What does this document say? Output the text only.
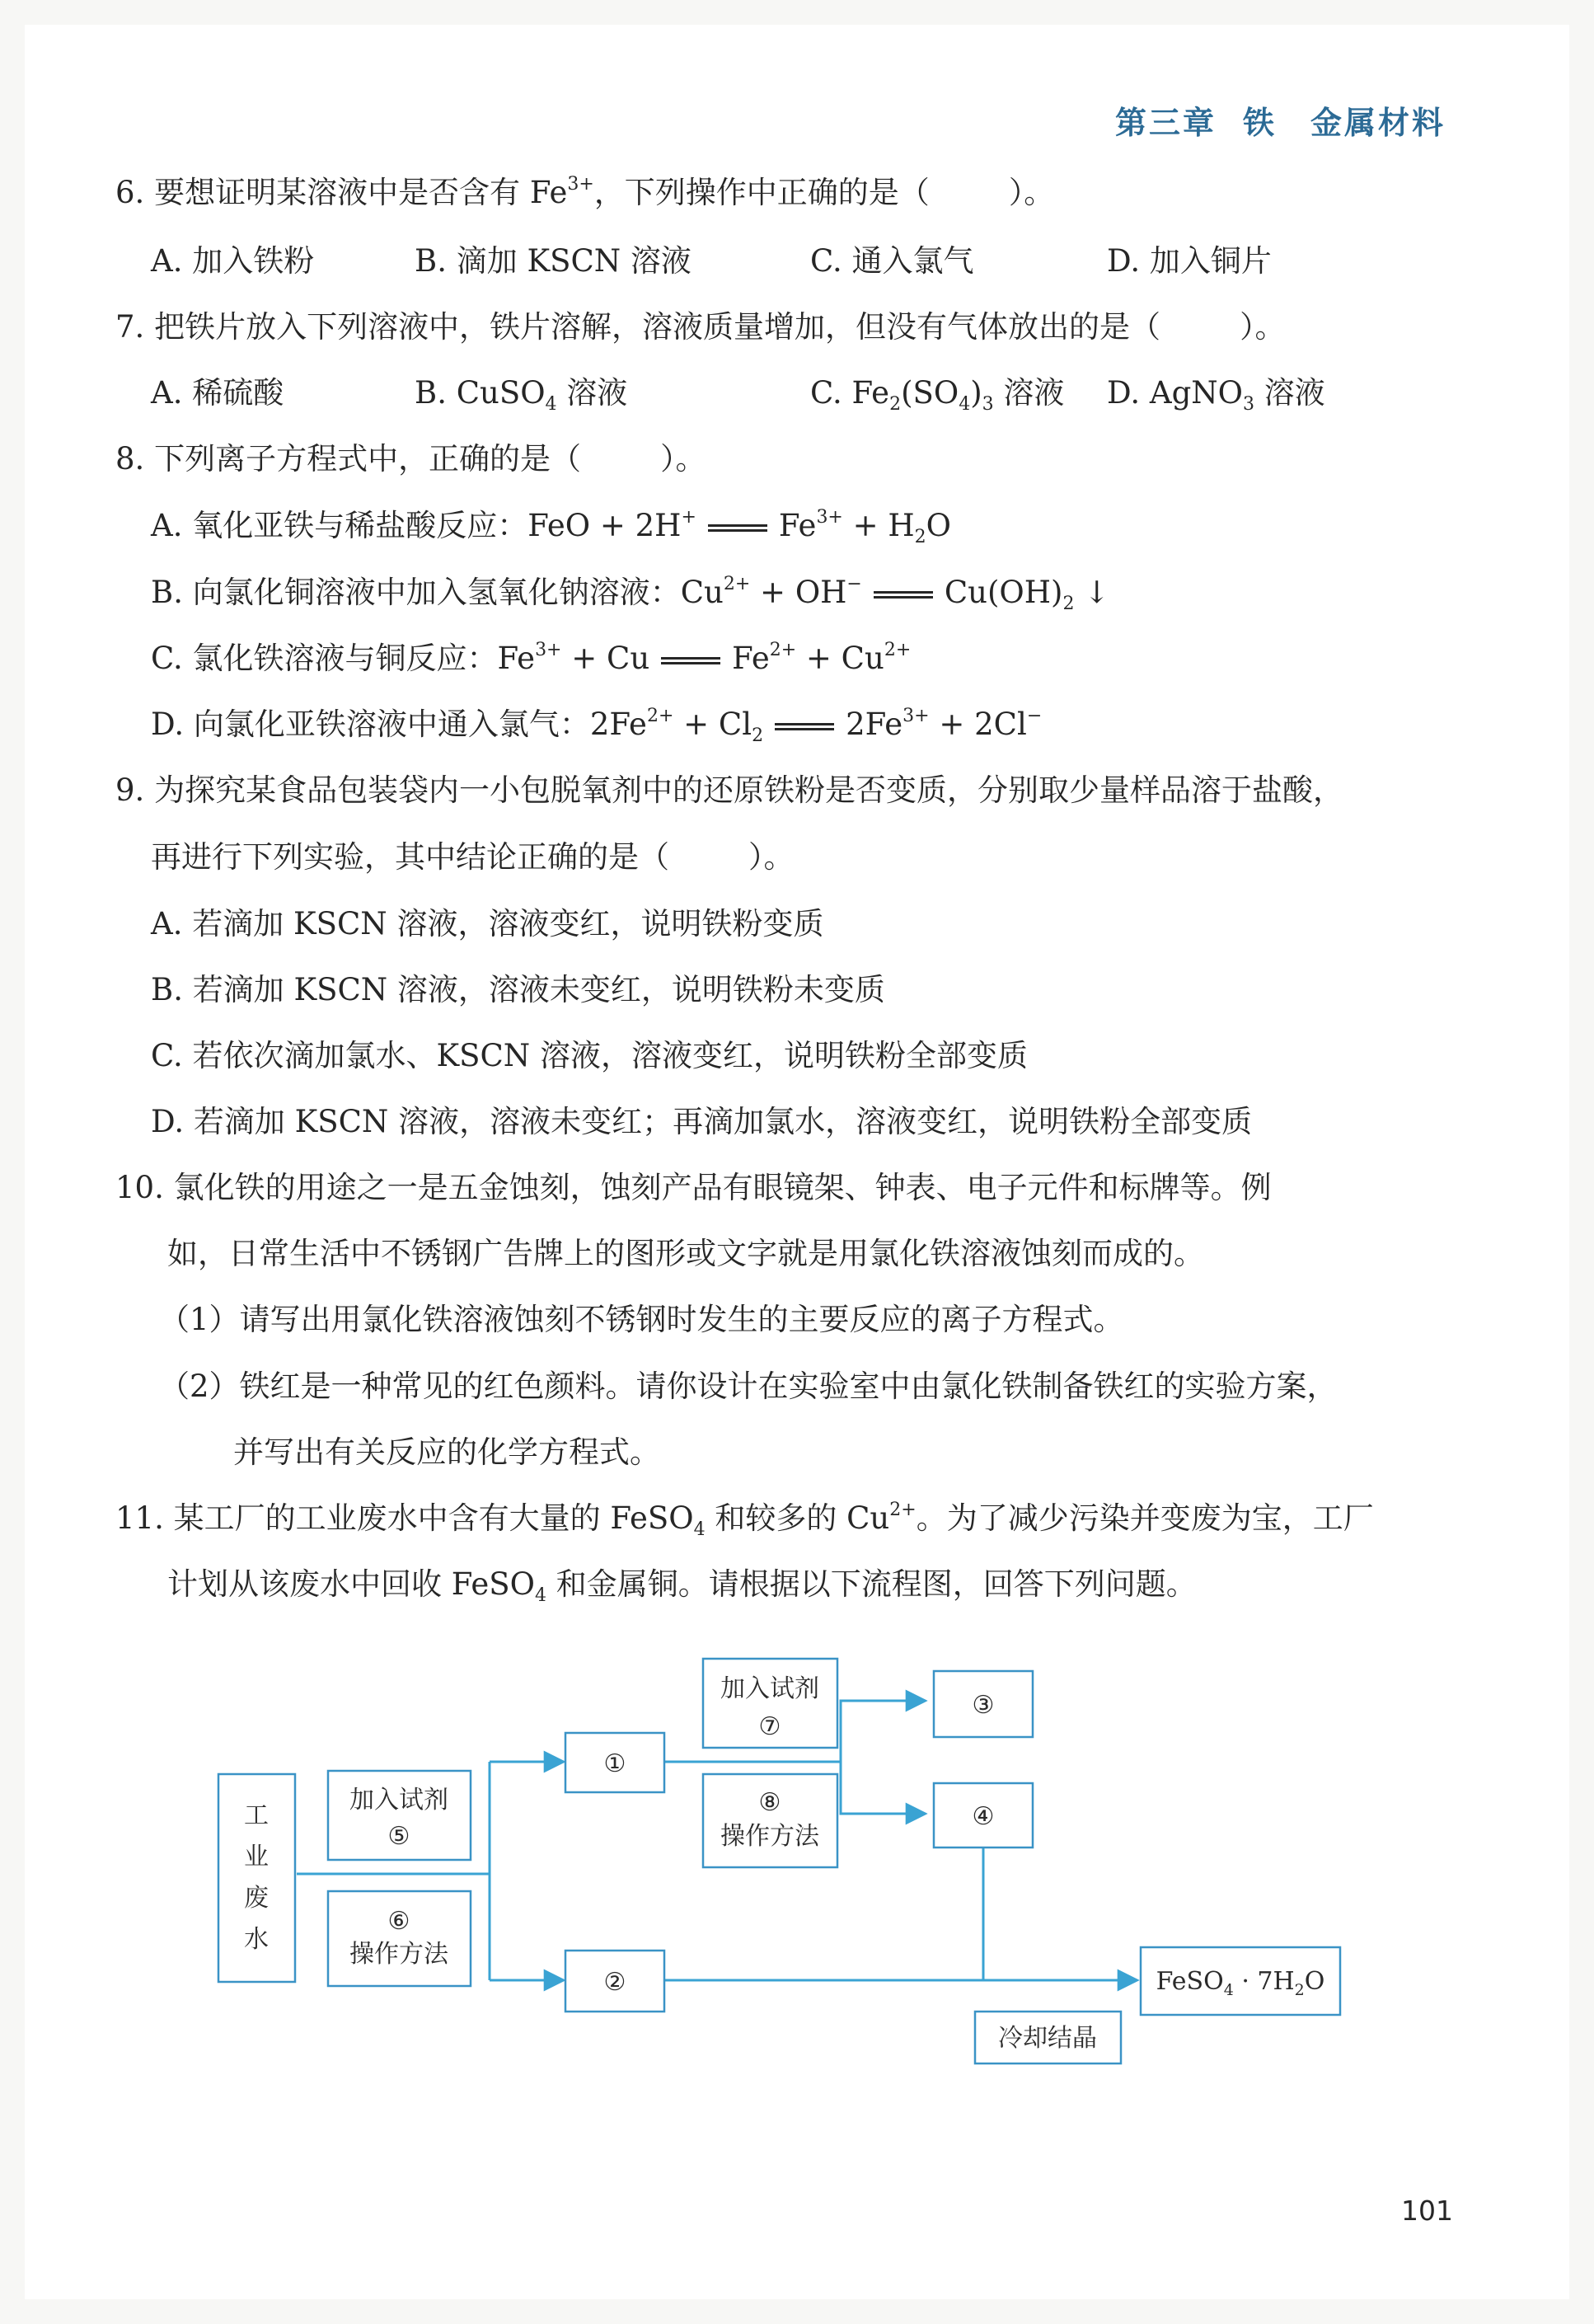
第三章 铁　金属材料
6. 要想证明某溶液中是否含有 $Fe^{3+}$，下列操作中正确的是（	）。
A. 加入铁粉	B. 滴加 KSCN 溶液	C. 通入氯气	D. 加入铜片
7. 把铁片放入下列溶液中，铁片溶解，溶液质量增加，但没有气体放出的是（	）。
A. 稀硫酸	B. CuSO$_4$ 溶液	C. $Fe_2(SO_4)_3$ 溶液 D. AgNO$_3$ 溶液
8. 下列离子方程式中，正确的是（	）。
A. 氧化亚铁与稀盐酸反应：FeO + 2H+	$Fe^{3+} + H_2O$
B. 向氯化铜溶液中加入氢氧化钠溶液：$Cu^{2+} + OH^-$	$Cu(OH)_2$ ↓
C. 氯化铁溶液与铜反应：$Fe^{3+} + Cu$	$Fe^{2+} + Cu^{2+}$
D. 向氯化亚铁溶液中通入氯气：$2Fe^{2+} + Cl_2$	$2Fe^{3+} + 2Cl^-$
9. 为探究某食品包装袋内一小包脱氧剂中的还原铁粉是否变质，分别取少量样品溶于盐酸，
再进行下列实验，其中结论正确的是（	）。
A. 若滴加 KSCN 溶液，溶液变红，说明铁粉变质
B. 若滴加 KSCN 溶液，溶液未变红，说明铁粉未变质
C. 若依次滴加氯水、KSCN 溶液，溶液变红，说明铁粉全部变质
D. 若滴加 KSCN 溶液，溶液未变红；再滴加氯水，溶液变红，说明铁粉全部变质
10. 氯化铁的用途之一是五金蚀刻，蚀刻产品有眼镜架、钟表、电子元件和标牌等。例
如，日常生活中不锈钢广告牌上的图形或文字就是用氯化铁溶液蚀刻而成的。
（1）请写出用氯化铁溶液蚀刻不锈钢时发生的主要反应的离子方程式。
（2）铁红是一种常见的红色颜料。请你设计在实验室中由氯化铁制备铁红的实验方案，
并写出有关反应的化学方程式。
11. 某工厂的工业废水中含有大量的 FeSO$_4$ 和较多的 $Cu^{2+}$。为了减少污染并变废为宝，工厂
计划从该废水中回收 FeSO$_4$ 和金属铜。请根据以下流程图，回答下列问题。
工
业
废
水
加入试剂
⑤
⑥
操作方法
①
②
加入试剂
⑦
⑧
操作方法
③
④
冷却结晶
FeSO$_4$ · $7H_2O$
101
